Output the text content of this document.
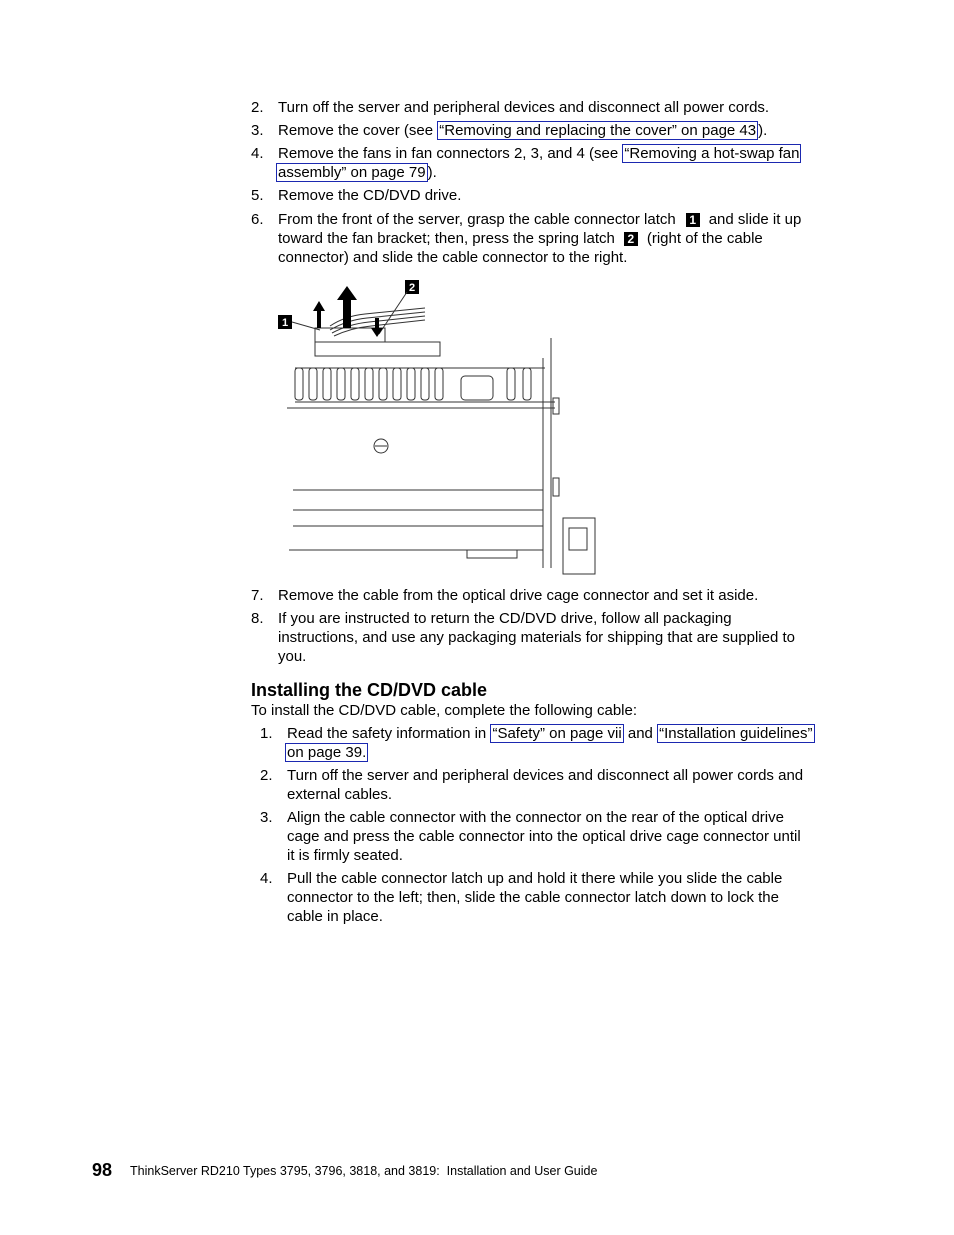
2. Turn off the server and peripheral devices and disconnect all power cords.
3. Remove the cover (see “Removing and replacing the cover” on page 43 ).
4. Remove the fans in fan connectors 2, 3, and 4 (see “Removing a hot-swap fan
assembly” on page 79 ).
5. Remove the CD/DVD drive.
6. From the front of the server, grasp the cable connector latch 1 and slide it up
toward the fan bracket; then, press the spring latch 2 (right of the cable
connector) and slide the cable connector to the right.
2
1
7. Remove the cable from the optical drive cage connector and set it aside.
8. If you are instructed to return the CD/DVD drive, follow all packaging
instructions, and use any packaging materials for shipping that are supplied to
you.
Installing the CD/DVD cable
To install the CD/DVD cable, complete the following cable:
1. Read the safety information in “Safety” on page vii and “Installation guidelines”
on page 39.
2. Turn off the server and peripheral devices and disconnect all power cords and
external cables.
3. Align the cable connector with the connector on the rear of the optical drive
cage and press the cable connector into the optical drive cage connector until
it is firmly seated.
4. Pull the cable connector latch up and hold it there while you slide the cable
connector to the left; then, slide the cable connector latch down to lock the
cable in place.
98 ThinkServer RD210 Types 3795, 3796, 3818, and 3819:  Installation and User Guide
